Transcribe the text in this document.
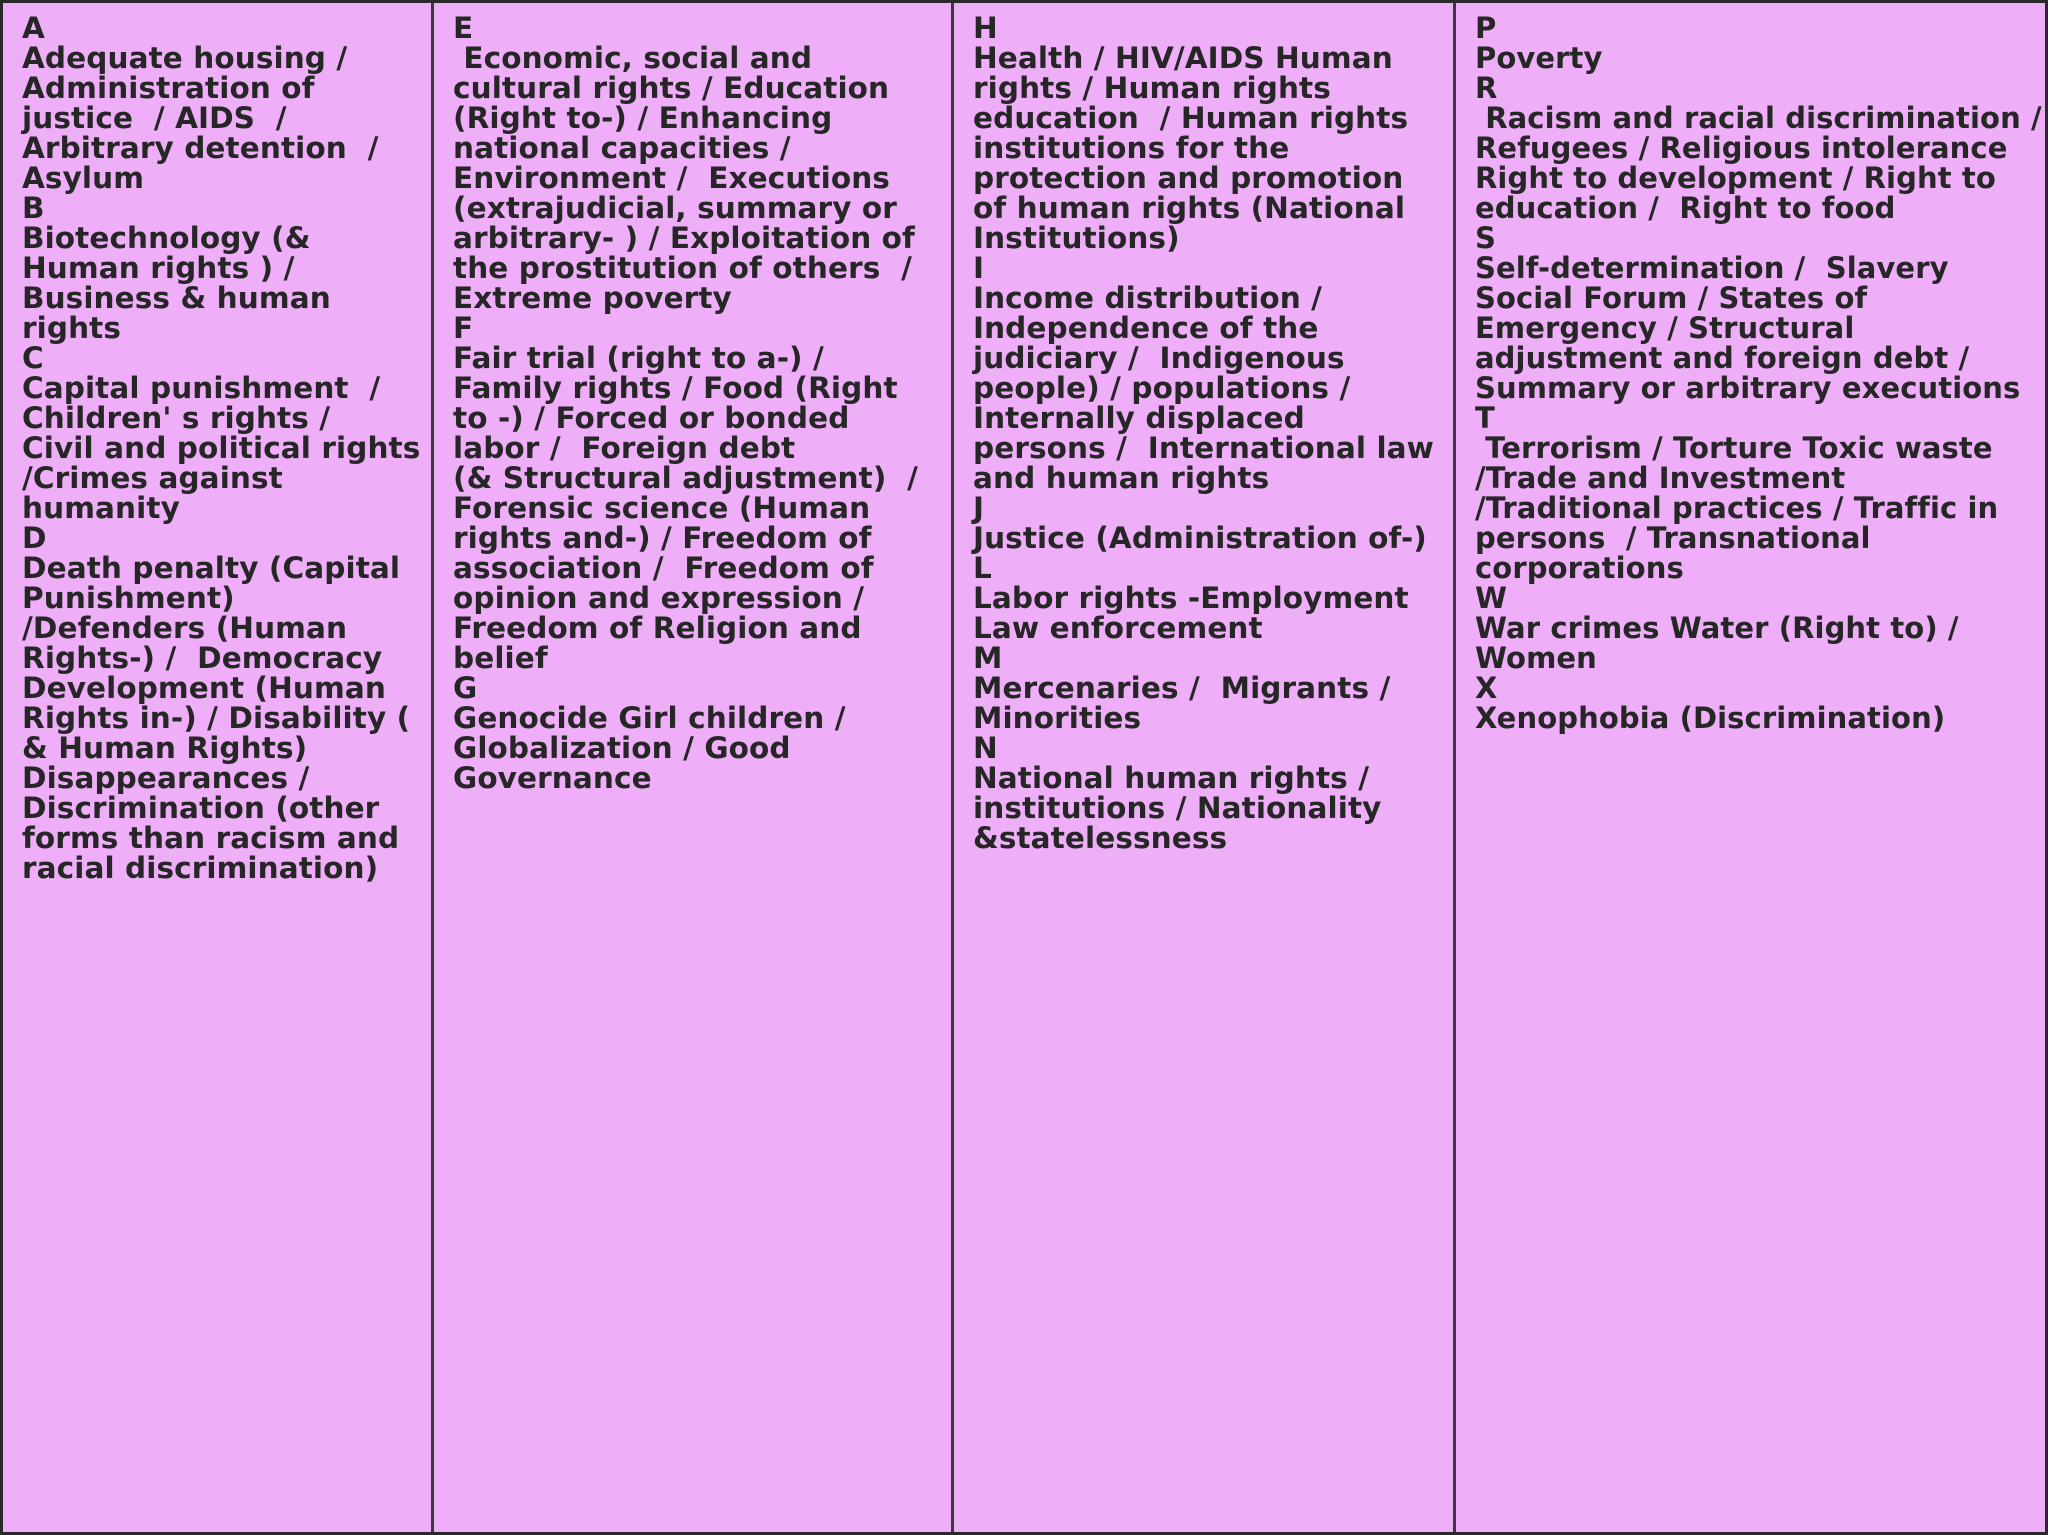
A
Adequate housing /
Administration of
justice  / AIDS  /
Arbitrary detention  /
Asylum
B
Biotechnology (&
Human rights ) /
Business & human
rights
C
Capital punishment  /
Children' s rights /
Civil and political rights
/Crimes against
humanity
D
Death penalty (Capital
Punishment)
/Defenders (Human
Rights-) /  Democracy
Development (Human
Rights in-) / Disability (
& Human Rights)
Disappearances /
Discrimination (other
forms than racism and
racial discrimination)
E
Economic, social and
cultural rights / Education
(Right to-) / Enhancing
national capacities /
Environment /  Executions
(extrajudicial, summary or
arbitrary- ) / Exploitation of
the prostitution of others  /
Extreme poverty
F
Fair trial (right to a-) /
Family rights / Food (Right
to -) / Forced or bonded
labor /  Foreign debt
(& Structural adjustment)  /
Forensic science (Human
rights and-) / Freedom of
association /  Freedom of
opinion and expression /
Freedom of Religion and
belief
G
Genocide Girl children /
Globalization / Good
Governance
H
Health / HIV/AIDS Human
rights / Human rights
education  / Human rights
institutions for the
protection and promotion
of human rights (National
Institutions)
I
Income distribution /
Independence of the
judiciary /  Indigenous
people) / populations /
Internally displaced
persons /  International law
and human rights
J
Justice (Administration of-)
L
Labor rights -Employment
Law enforcement
M
Mercenaries /  Migrants /
Minorities
N
National human rights /
institutions / Nationality
&statelessness
P
Poverty
R
Racism and racial discrimination /
Refugees / Religious intolerance
Right to development / Right to
education /  Right to food
S
Self-determination /  Slavery
Social Forum / States of
Emergency / Structural
adjustment and foreign debt /
Summary or arbitrary executions
T
Terrorism / Torture Toxic waste
/Trade and Investment
/Traditional practices / Traffic in
persons  / Transnational
corporations
W
War crimes Water (Right to) /
Women
X
Xenophobia (Discrimination)
